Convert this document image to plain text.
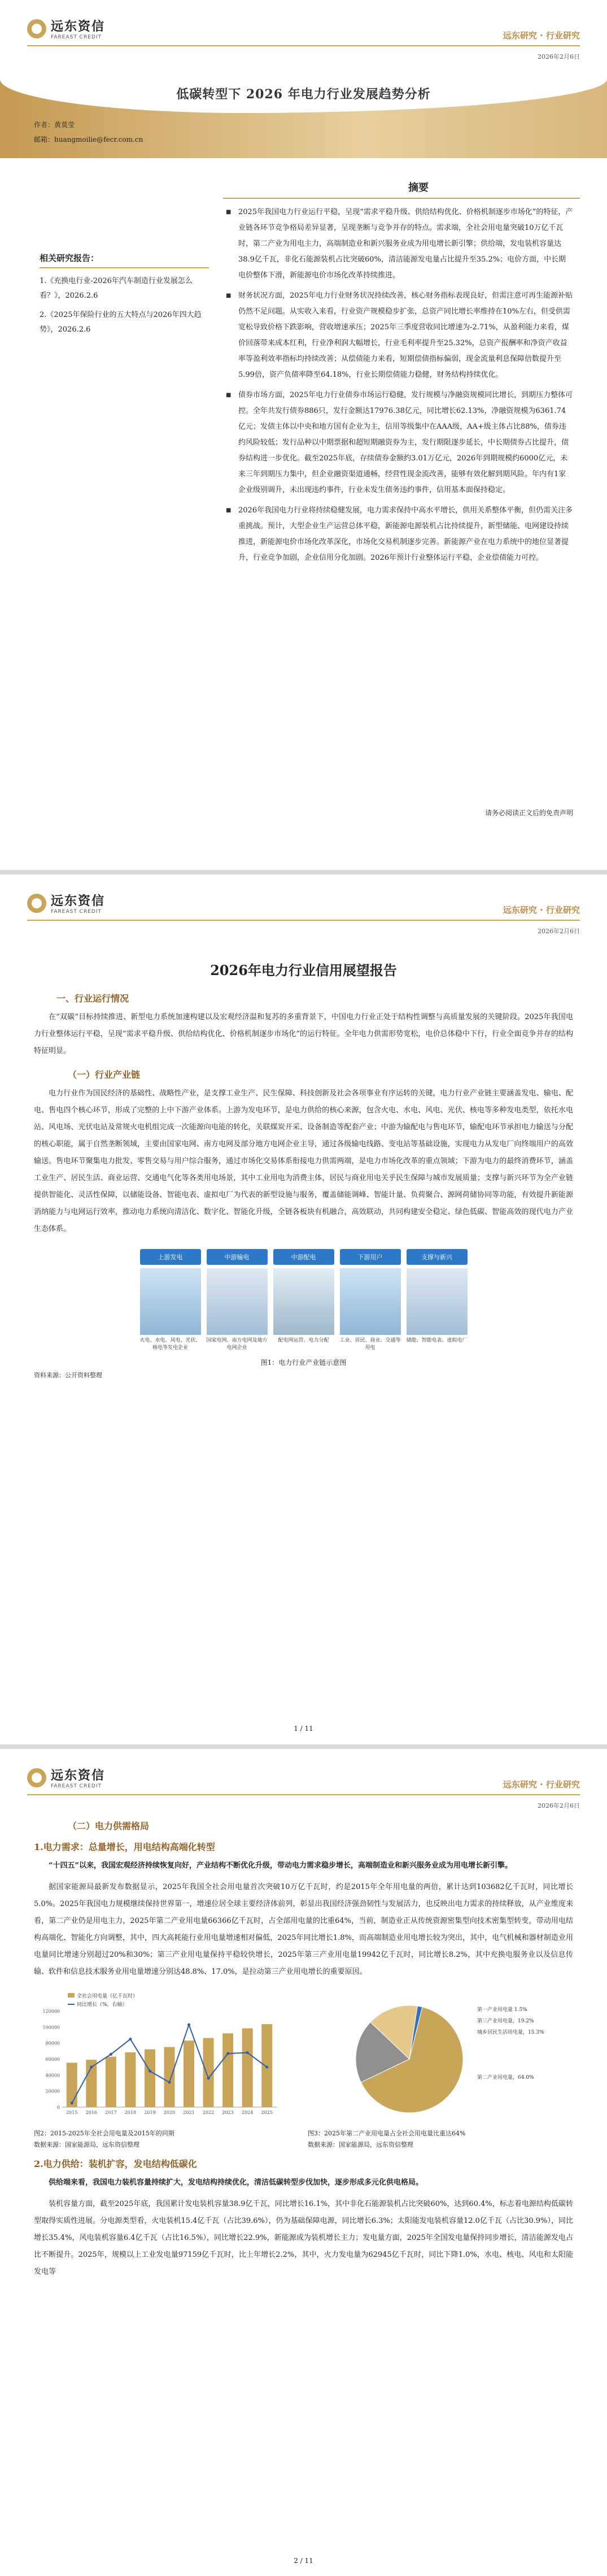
远东资信
FAREAST CREDIT	远东研究 · 行业研究
2026年2月6日
低碳转型下 2026 年电力行业发展趋势分析
作者：黄莫莹
邮箱：huangmoilie@fecr.com.cn
摘要

■ 2025年我国电力行业运行平稳，呈现“需求平稳升级、供给结构优化、价格机制逐步市场化”的特征，产业链各环节竞争格局差异显著，呈现垄断与竞争并存的特点。需求端，全社会用电量突破10万亿千瓦时，第二产业为用电主力，高端制造业和新兴服务业成为用电增长新引擎；供给端，发电装机容量达38.9亿千瓦，非化石能源装机占比突破60%，清洁能源发电量占比提升至35.2%；电价方面，中长期电价整体下滑，新能源电价市场化改革持续推进。

■ 财务状况方面，2025年电力行业财务状况持续改善，核心财务指标表现良好，但需注意可再生能源补贴仍然不足问题。从实收入来看，行业资产规模稳步扩张，总资产同比增长率维持在10%左右，但受供需宽松导致价格下跌影响，营收增速承压；2025年三季度营收同比增速为-2.71%，从盈利能力来看，煤价回落带来成本红利，行业净利润大幅增长，行业毛利率提升至25.32%，总资产报酬率和净资产收益率等盈利效率指标均持续改善；从偿债能力来看，短期偿债指标偏弱，现金流量利息保障倍数提升至5.99倍，资产负债率降至64.18%，行业长期偿债能力稳健，财务结构持续优化。

■ 债券市场方面，2025年电力行业债券市场运行稳健，发行规模与净融资规模同比增长，到期压力整体可控。全年共发行债券886只，发行金额达17976.38亿元，同比增长62.13%，净融资规模为6361.74亿元；发债主体以中央和地方国有企业为主，信用等级集中在AAA级，AA+级主体占比88%，债券违约风险较低；发行品种以中期票据和超短期融资券为主，发行期限逐步延长，中长期债券占比提升，债券结构进一步优化。截至2025年底，存续债券金额约3.01万亿元，2026年到期规模约6000亿元，未来三年到期压力集中，但企业融资渠道通畅，经营性现金流改善，能够有效化解到期风险。年内有1家企业级别调升，未出现违约事件，行业未发生债务违约事件，信用基本面保持稳定。

■ 2026年我国电力行业将持续稳健发展，电力需求保持中高水平增长，供用关系整体平衡，但仍需关注多重挑战。预计，大型企业生产运营总体平稳，新能源电源装机占比持续提升，新型储能、电网建设持续推进，新能源电价市场化改革深化，市场化交易机制逐步完善。新能源产业在电力系统中的地位显著提升，行业竞争加剧，企业信用分化加剧。2026年预计行业整体运行平稳，企业偿债能力可控。

相关研究报告：
1.《充换电行业-2026年汽车制造行业发展怎么看？》，2026.2.6
2.《2025年保险行业的五大特点与2026年四大趋势》，2026.2.6
请务必阅读正文后的免责声明
远东资信
FAREAST CREDIT	远东研究 · 行业研究
2026年2月6日
2026年电力行业信用展望报告
一、行业运行情况
在“双碳”目标持续推进、新型电力系统加速构建以及宏观经济温和复苏的多重背景下，中国电力行业正处于结构性调整与高质量发展的关键阶段。2025年我国电力行业整体运行平稳，呈现“需求平稳升级、供给结构优化、价格机制逐步市场化”的运行特征。全年电力供需形势宽松，电价总体稳中下行，行业全面竞争并存的结构特征明显。
（一）行业产业链
电力行业作为国民经济的基础性、战略性产业，是支撑工业生产、民生保障、科技创新及社会各项事业有序运转的关键，电力行业产业链主要涵盖发电、输电、配电、售电四个核心环节，形成了完整的上中下游产业体系。上游为发电环节，是电力供给的核心来源，包含火电、水电、风电、光伏、核电等多种发电类型，依托水电站、风电场、光伏电站及常规火电机组完成一次能源向电能的转化，关联煤炭开采、设备制造等配套产业；中游为输配电与售电环节，输配电环节承担电力输送与分配的核心职能，属于自然垄断领域，主要由国家电网、南方电网及部分地方电网企业主导，通过各级输电线路、变电站等基础设施，实现电力从发电厂向终端用户的高效输送。售电环节聚集电力批发、零售交易与用户综合服务，通过市场化交易体系衔接电力供需两端，是电力市场化改革的重点领域；下游为电力的最终消费环节，涵盖工业生产、居民生活、商业运营、交通电气化等各类用电场景，其中工业用电为消费主体，居民与商业用电关乎民生保障与城市发展质量；支撑与新兴环节为全产业链提供智能化、灵活性保障，以储能设备、智能电表、虚拟电厂为代表的新型设施与服务，覆盖储能调峰、智能计量、负荷聚合、源网荷储协同等功能，有效提升新能源消纳能力与电网运行效率，推动电力系统向清洁化、数字化、智能化升级，全链各板块有机融合，高效联动，共同构建安全稳定、绿色低碳、智能高效的现代电力产业生态体系。
上游发电
火电、水电、风电、光伏、核电等发电企业
中游输电
国家电网、南方电网及地方电网企业
中游配电
配电网运营、电力分配
下游用户
工业、居民、商业、交通等用电
支撑与新兴
储能、智能电表、虚拟电厂
图1：电力行业产业链示意图
资料来源：公开资料整理
1 / 11
远东资信
FAREAST CREDIT	远东研究 · 行业研究
2026年2月6日
（二）电力供需格局
1.电力需求：总量增长，用电结构高端化转型
“十四五”以来，我国宏观经济持续恢复向好，产业结构不断优化升级，带动电力需求稳步增长，高端制造业和新兴服务业成为用电增长新引擎。
据国家能源局最新发布数据显示，2025年我国全社会用电量首次突破10万亿千瓦时，约是2015年全年用电量的两倍，累计达到103682亿千瓦时，同比增长5.0%。2025年我国电力规模继续保持世界第一，增速位居全球主要经济体前列，彰显出我国经济强劲韧性与发展活力，也反映出电力需求的持续释放，从产业维度来看，第二产业仍是用电主力，2025年第二产业用电量66366亿千瓦时，占全部用电量的比重64%，当前，制造业正从传统资源密集型向技术密集型转变，带动用电结构高端化、智能化方向调整，其中，四大高耗能行业用电量增速相对偏低，2025年同比增长1.8%，而高端制造业用电增长较为突出，其中，电气机械和器材制造业用电量同比增速分别超过20%和30%；第三产业用电量保持平稳较快增长，2025年第三产业用电量19942亿千瓦时，同比增长8.2%，其中充换电服务业以及信息传输、软件和信息技术服务业用电量增速分别达48.8%、17.0%，是拉动第三产业用电增长的重要原因。
0
20000
40000
60000
80000
100000
120000
2015 2016 2017 2018 2019 2020 2021 2022 2023 2024 2025
全社会用电量（亿千瓦时）
同比增长（%，右轴）
图2：2015-2025年全社会用电量及2015年的同期
数据来源：国家能源局，远东资信整理
第一产业用电量 1.5%
第二产业用电量，64.0%
第三产业用电量，19.2%
城乡居民生活用电量，15.3%
图3：2025年第二产业用电量占全社会用电量比重达64%
数据来源：国家能源局，远东资信整理
2.电力供给：装机扩容，发电结构低碳化
供给端来看，我国电力装机容量持续扩大，发电结构持续优化，清洁低碳转型步伐加快，逐步形成多元化供电格局。
装机容量方面，截至2025年底，我国累计发电装机容量38.9亿千瓦，同比增长16.1%，其中非化石能源装机占比突破60%，达到60.4%，标志着电源结构低碳转型取得实质性进展。分电源类型看，火电装机15.4亿千瓦（占比39.6%），仍为基础保障电源，同比增长6.3%；太阳能发电装机容量12.0亿千瓦（占比30.9%），同比增长35.4%，风电装机容量6.4亿千瓦（占比16.5%），同比增长22.9%，新能源成为装机增长主力；发电量方面，2025年全国发电量保持同步增长，清洁能源发电占比不断提升。2025年，规模以上工业发电量97159亿千瓦时，比上年增长2.2%，其中，火力发电量为62945亿千瓦时，同比下降1.0%，水电、核电、风电和太阳能发电等
2 / 11
